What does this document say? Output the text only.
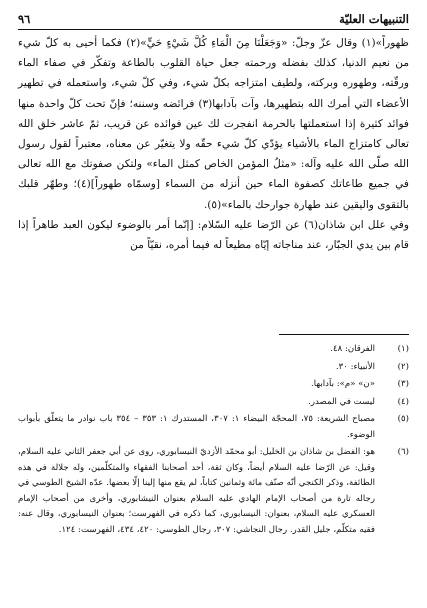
التنبيهات العليّة
٩٦

ظهوراً»(١) وقال عزّ وجلّ: «وَجَعَلْنَا مِنَ الْمَاءِ كُلَّ شَيْءٍ حَيٍّ»(٢) فكما أحيى به كلّ شيء من نعيم الدنيا، كذلك بفضله ورحمته جعل حياة القلوب بالطاعة وتفكّر في صفاء الماء ورقّته، وطهوره وبركته، ولطيف امتزاجه بكلّ شيء، وفي كلّ شيء، واستعمله في تطهير الأعضاء التي أمرك الله بتطهيرها، وآت بآدابها(٣) فرائضه وسننه؛ فإنّ تحت كلّ واحدة منها فوائد كثيرة إذا استعملتها بالحرمة انفجرت لك عين فوائده عن قريب، ثمّ عاشر خلق الله تعالى كامتزاج الماء بالأشياء يؤدّي كلّ شيء حقّه ولا يتغيّر عن معناه، معتبراً لقول رسول الله صلّى الله عليه وآله: «مثلُ المؤمن الخاص كمثل الماء» ولتكن صفوتك مع الله تعالى في جميع طاعاتك كصفوة الماء حين أنزله من السماء [وسمّاه طهوراً](٤)؛ وطهّر قلبك بالتقوى واليقين عند طهارة جوارحك بالماء»(٥).

وفي علل ابن شاذان(٦) عن الرّضا عليه السّلام: [إنّما أمر بالوضوء ليكون العبد طاهراً إذا قام بين يدي الجبّار، عند مناجاته إيّاه مطيعاً له فيما أمره، نقيّاً من

(١)
الفرقان: ٤٨.
(٢)
الأنبياء: ٣٠.
(٣)
«ن» «م»: بآدابها.
(٤)
ليست في المصدر.
(٥)
مصباح الشريعة: ٧٥، المحجّة البيضاء ١: ٣٠٧، المستدرك ١: ٣٥٣ – ٣٥٤ باب نوادر ما يتعلّق بأبواب الوضوء.
(٦)
هو: الفضل بن شاذان بن الخليل: أبو محمّد الأزديّ النيسابوري، روى عن أبي جعفر الثاني عليه السلام، وقيل: عن الرّضا عليه السلام أيضاً، وكان ثقة، أحد أصحابنا الفقهاء والمتكلّمين، وله جلالة في هذه الطائفة، وذكر الكنجي أنّه صنّف مائة وثمانين كتاباً، لم يقع منها إلينا إلّا بعضها. عدّه الشيخ الطوسي في رجاله تارة من أصحاب الإمام الهادي عليه السلام بعنوان النيشابوري، وأخرى من أصحاب الإمام العسكري عليه السلام، بعنوان: النيسابوري، كما ذكره في الفهرست؛ بعنوان النيسابوري، وقال عنه: فقيه متكلّم، جليل القدر. رجال النجاشي: ٣٠٧، رجال الطوسي: ٤٢٠، ٤٣٤، الفهرست: ١٢٤.
